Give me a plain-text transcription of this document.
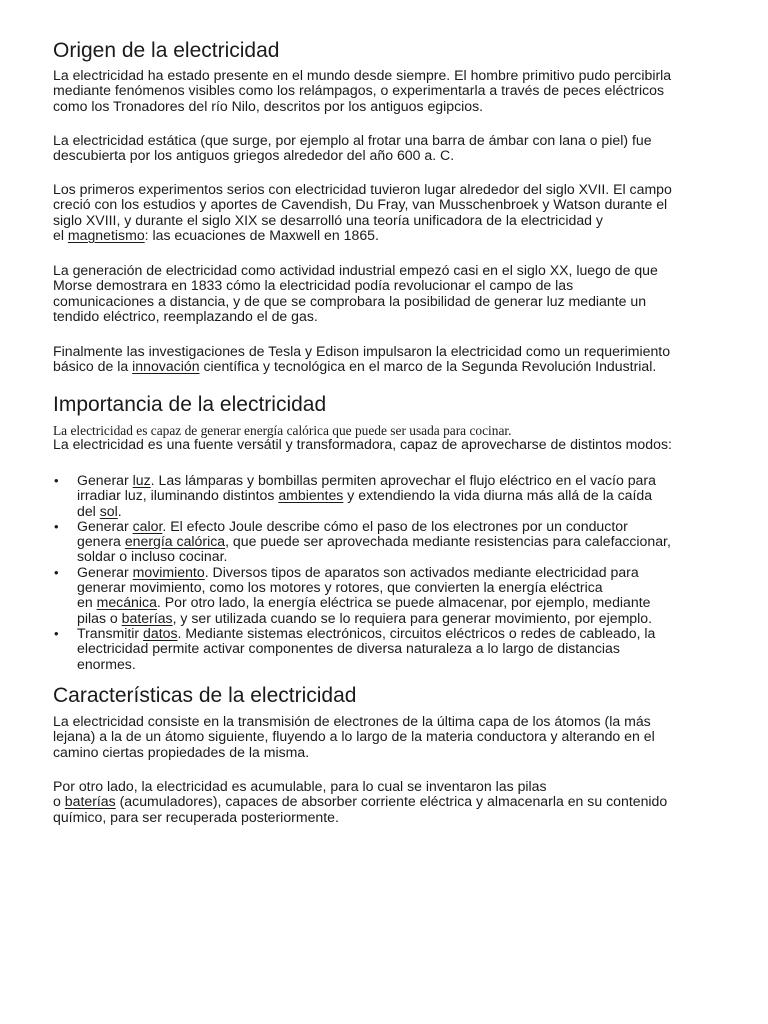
Origen de la electricidad

La electricidad ha estado presente en el mundo desde siempre. El hombre primitivo pudo percibirla
mediante fenómenos visibles como los relámpagos, o experimentarla a través de peces eléctricos
como los Tronadores del río Nilo, descritos por los antiguos egipcios.

La electricidad estática (que surge, por ejemplo al frotar una barra de ámbar con lana o piel) fue
descubierta por los antiguos griegos alrededor del año 600 a. C.

Los primeros experimentos serios con electricidad tuvieron lugar alrededor del siglo XVII. El campo
creció con los estudios y aportes de Cavendish, Du Fray, van Musschenbroek y Watson durante el
siglo XVIII, y durante el siglo XIX se desarrolló una teoría unificadora de la electricidad y
el magnetismo: las ecuaciones de Maxwell en 1865.

La generación de electricidad como actividad industrial empezó casi en el siglo XX, luego de que
Morse demostrara en 1833 cómo la electricidad podía revolucionar el campo de las
comunicaciones a distancia, y de que se comprobara la posibilidad de generar luz mediante un
tendido eléctrico, reemplazando el de gas.

Finalmente las investigaciones de Tesla y Edison impulsaron la electricidad como un requerimiento
básico de la innovación científica y tecnológica en el marco de la Segunda Revolución Industrial.

Importancia de la electricidad

La electricidad es capaz de generar energía calórica que puede ser usada para cocinar.

La electricidad es una fuente versátil y transformadora, capaz de aprovecharse de distintos modos:

• Generar luz. Las lámparas y bombillas permiten aprovechar el flujo eléctrico en el vacío para
irradiar luz, iluminando distintos ambientes y extendiendo la vida diurna más allá de la caída
del sol.
• Generar calor. El efecto Joule describe cómo el paso de los electrones por un conductor
genera energía calórica, que puede ser aprovechada mediante resistencias para calefaccionar,
soldar o incluso cocinar.
• Generar movimiento. Diversos tipos de aparatos son activados mediante electricidad para
generar movimiento, como los motores y rotores, que convierten la energía eléctrica
en mecánica. Por otro lado, la energía eléctrica se puede almacenar, por ejemplo, mediante
pilas o baterías, y ser utilizada cuando se lo requiera para generar movimiento, por ejemplo.
• Transmitir datos. Mediante sistemas electrónicos, circuitos eléctricos o redes de cableado, la
electricidad permite activar componentes de diversa naturaleza a lo largo de distancias
enormes.
Características de la electricidad

La electricidad consiste en la transmisión de electrones de la última capa de los átomos (la más
lejana) a la de un átomo siguiente, fluyendo a lo largo de la materia conductora y alterando en el
camino ciertas propiedades de la misma.

Por otro lado, la electricidad es acumulable, para lo cual se inventaron las pilas
o baterías (acumuladores), capaces de absorber corriente eléctrica y almacenarla en su contenido
químico, para ser recuperada posteriormente.
